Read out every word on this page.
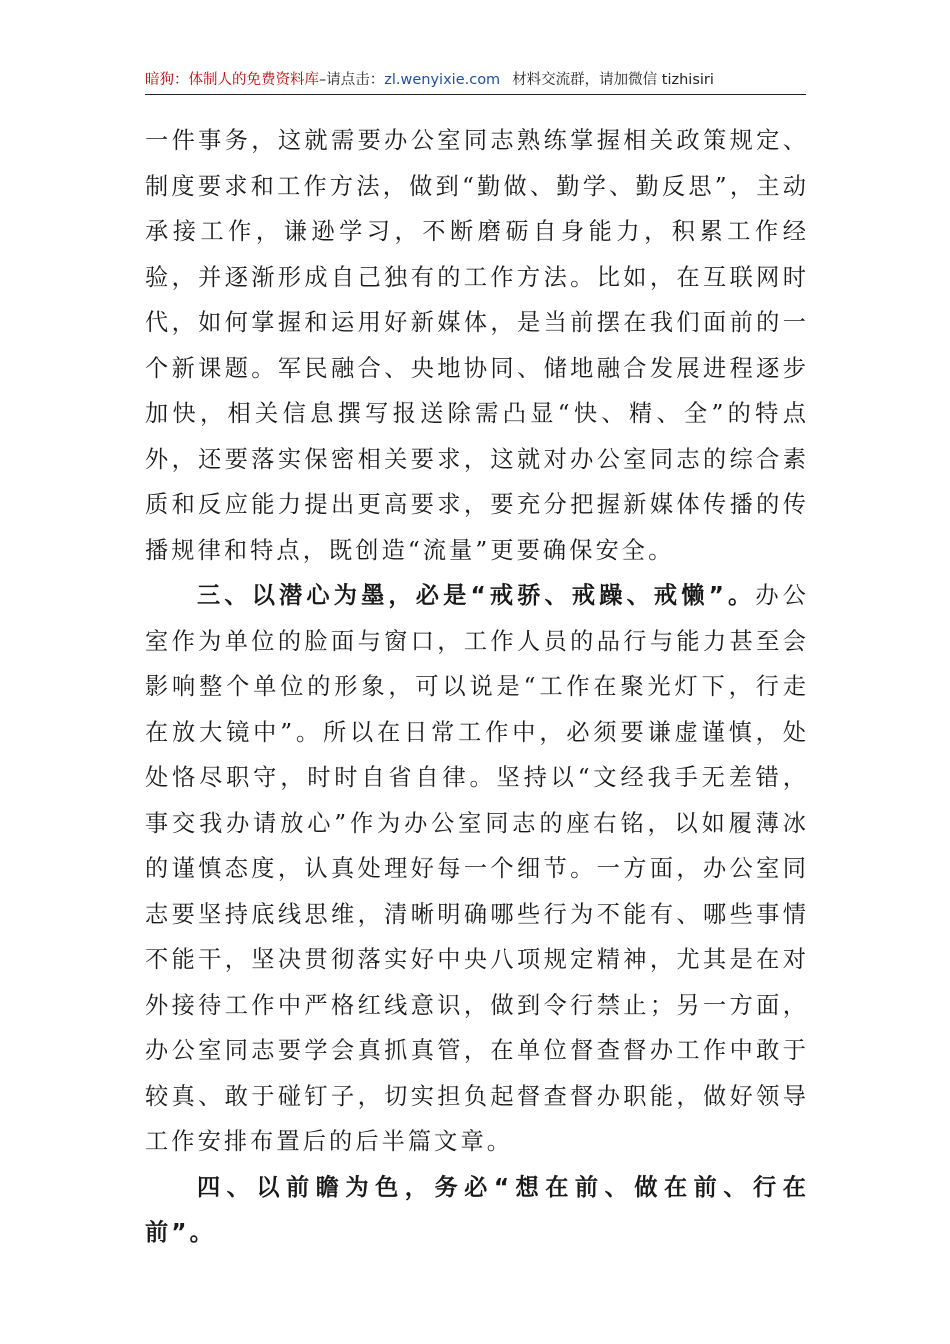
暗狗：体制人的免费资料库–请点击：zl.wenyixie.com 材料交流群，请加微信 tizhisiri

一件事务，这就需要办公室同志熟练掌握相关政策规定、制度要求和工作方法，做到“勤做、勤学、勤反思”，主动承接工作，谦逊学习，不断磨砺自身能力，积累工作经验，并逐渐形成自己独有的工作方法。比如，在互联网时代，如何掌握和运用好新媒体，是当前摆在我们面前的一个新课题。军民融合、央地协同、储地融合发展进程逐步加快，相关信息撰写报送除需凸显“快、精、全”的特点外，还要落实保密相关要求，这就对办公室同志的综合素质和反应能力提出更高要求，要充分把握新媒体传播的传播规律和特点，既创造“流量”更要确保安全。

三、以潜心为墨，必是“戒骄、戒躁、戒懒”。办公室作为单位的脸面与窗口，工作人员的品行与能力甚至会影响整个单位的形象，可以说是“工作在聚光灯下，行走在放大镜中”。所以在日常工作中，必须要谦虚谨慎，处处恪尽职守，时时自省自律。坚持以“文经我手无差错，事交我办请放心”作为办公室同志的座右铭，以如履薄冰的谨慎态度，认真处理好每一个细节。一方面，办公室同志要坚持底线思维，清晰明确哪些行为不能有、哪些事情不能干，坚决贯彻落实好中央八项规定精神，尤其是在对外接待工作中严格红线意识，做到令行禁止；另一方面，办公室同志要学会真抓真管，在单位督查督办工作中敢于较真、敢于碰钉子，切实担负起督查督办职能，做好领导工作安排布置后的后半篇文章。

四、以前瞻为色，务必“想在前、做在前、行在前”。
